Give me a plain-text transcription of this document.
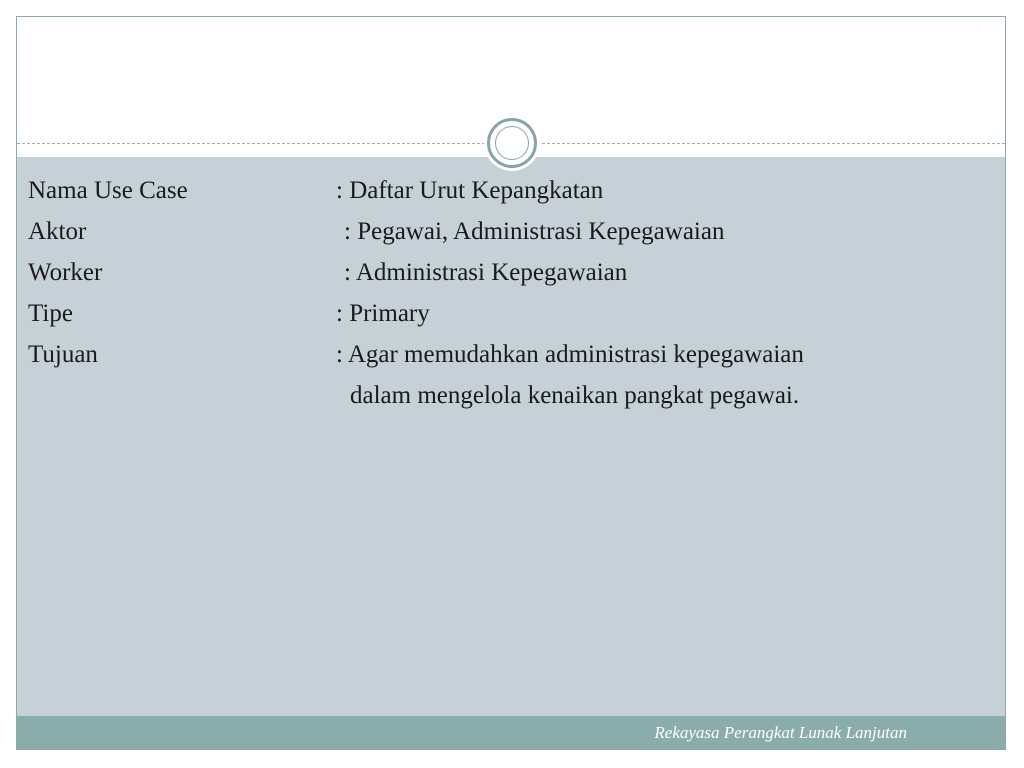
Rekayasa Perangkat Lunak Lanjutan
Nama Use Case	: Daftar Urut Kepangkatan
Aktor	: Pegawai, Administrasi Kepegawaian
Worker	: Administrasi Kepegawaian
Tipe	: Primary
Tujuan	: Agar memudahkan administrasi kepegawaian
dalam mengelola kenaikan pangkat pegawai.
